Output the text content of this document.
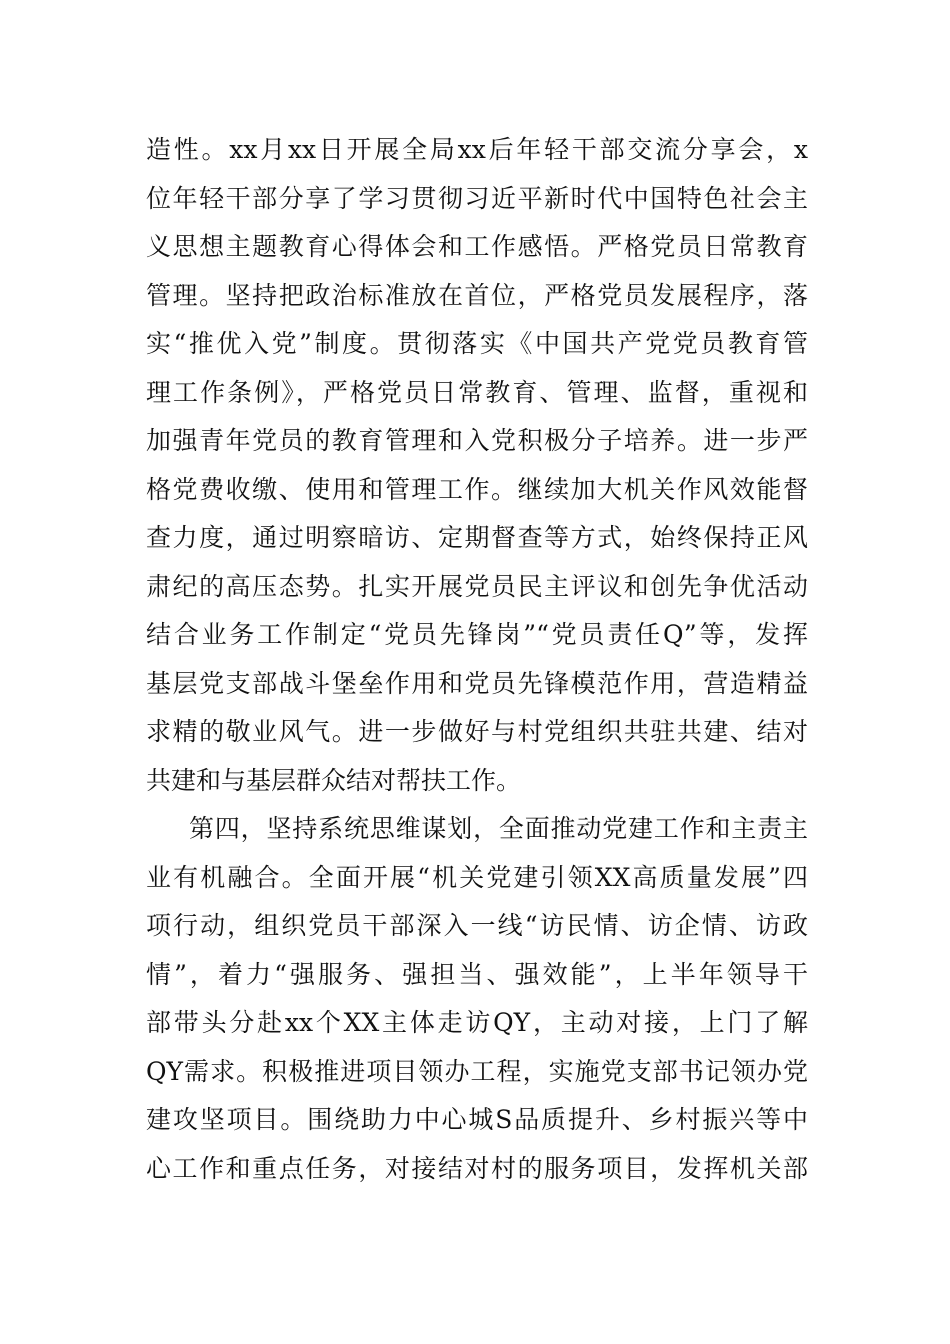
造性。xx月xx日开展全局xx后年轻干部交流分享会，x
位年轻干部分享了学习贯彻习近平新时代中国特色社会主
义思想主题教育心得体会和工作感悟。严格党员日常教育
管理。坚持把政治标准放在首位，严格党员发展程序，落
实“推优入党”制度。贯彻落实《中国共产党党员教育管
理工作条例》，严格党员日常教育、管理、监督，重视和
加强青年党员的教育管理和入党积极分子培养。进一步严
格党费收缴、使用和管理工作。继续加大机关作风效能督
查力度，通过明察暗访、定期督查等方式，始终保持正风
肃纪的高压态势。扎实开展党员民主评议和创先争优活动
结合业务工作制定“党员先锋岗”“党员责任Q”等，发挥
基层党支部战斗堡垒作用和党员先锋模范作用，营造精益
求精的敬业风气。进一步做好与村党组织共驻共建、结对
共建和与基层群众结对帮扶工作。
第四，坚持系统思维谋划，全面推动党建工作和主责主
业有机融合。全面开展“机关党建引领XX高质量发展”四
项行动，组织党员干部深入一线“访民情、访企情、访政
情”，着力“强服务、强担当、强效能”，上半年领导干
部带头分赴xx个XX主体走访QY，主动对接，上门了解
QY需求。积极推进项目领办工程，实施党支部书记领办党
建攻坚项目。围绕助力中心城S品质提升、乡村振兴等中
心工作和重点任务，对接结对村的服务项目，发挥机关部
